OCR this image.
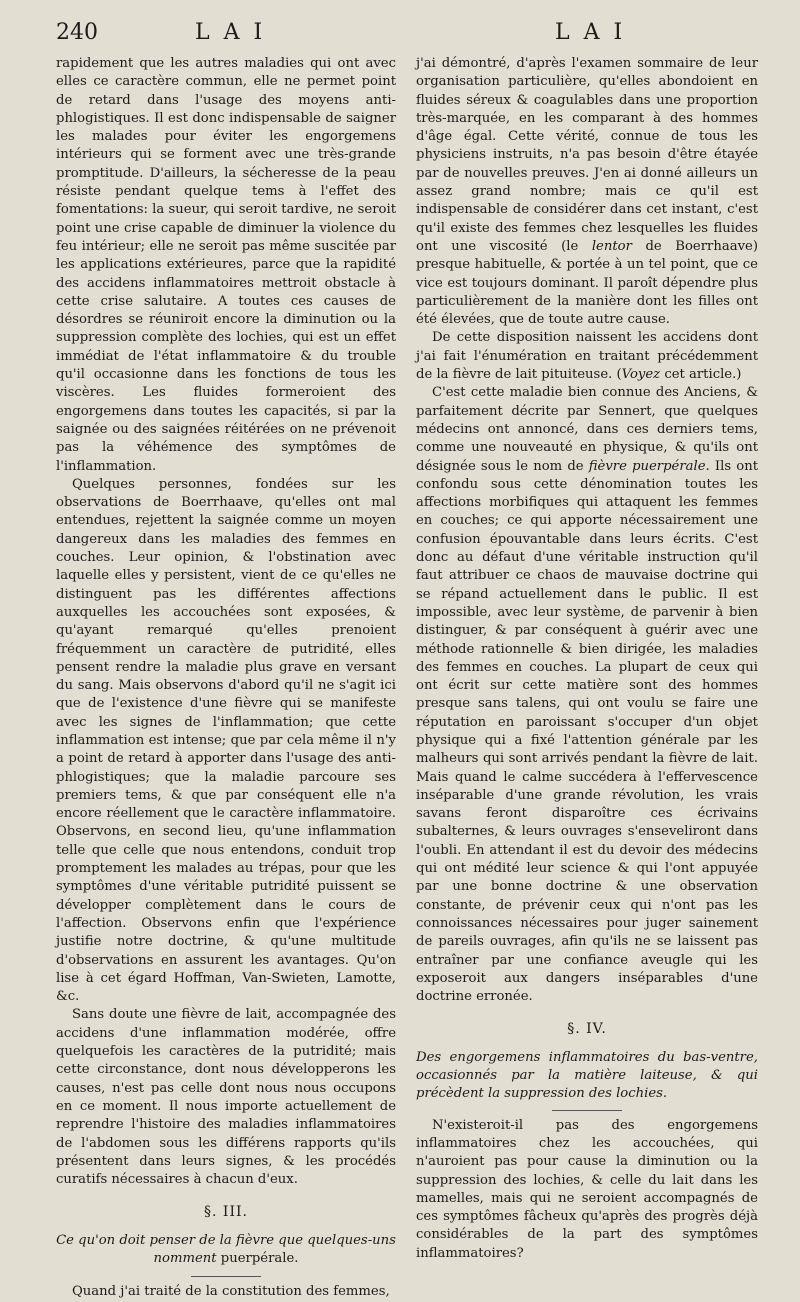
240	LAI	LAI

rapidement que les autres maladies qui ont avec elles ce caractère commun, elle ne permet point de retard dans l'usage des moyens anti-phlogistiques. Il est donc indispensable de saigner les malades pour éviter les engorgemens intérieurs qui se forment avec une très-grande promptitude. D'ailleurs, la sécheresse de la peau résiste pendant quelque tems à l'effet des fomentations: la sueur, qui seroit tardive, ne seroit point une crise capable de diminuer la violence du feu intérieur; elle ne seroit pas même suscitée par les applications extérieures, parce que la rapidité des accidens inflammatoires mettroit obstacle à cette crise salutaire. A toutes ces causes de désordres se réuniroit encore la diminution ou la suppression complète des lochies, qui est un effet immédiat de l'état inflammatoire & du trouble qu'il occasionne dans les fonctions de tous les viscères. Les fluides formeroient des engorgemens dans toutes les capacités, si par la saignée ou des saignées réitérées on ne prévenoit pas la véhémence des symptômes de l'inflammation.

Quelques personnes, fondées sur les observations de Boerrhaave, qu'elles ont mal entendues, rejettent la saignée comme un moyen dangereux dans les maladies des femmes en couches. Leur opinion, & l'obstination avec laquelle elles y persistent, vient de ce qu'elles ne distinguent pas les différentes affections auxquelles les accouchées sont exposées, & qu'ayant remarqué qu'elles prenoient fréquemment un caractère de putridité, elles pensent rendre la maladie plus grave en versant du sang. Mais observons d'abord qu'il ne s'agit ici que de l'existence d'une fièvre qui se manifeste avec les signes de l'inflammation; que cette inflammation est intense; que par cela même il n'y a point de retard à apporter dans l'usage des anti-phlogistiques; que la maladie parcoure ses premiers tems, & que par conséquent elle n'a encore réellement que le caractère inflammatoire. Observons, en second lieu, qu'une inflammation telle que celle que nous entendons, conduit trop promptement les malades au trépas, pour que les symptômes d'une véritable putridité puissent se développer complètement dans le cours de l'affection. Observons enfin que l'expérience justifie notre doctrine, & qu'une multitude d'observations en assurent les avantages. Qu'on lise à cet égard Hoffman, Van-Swieten, Lamotte, &c.

Sans doute une fièvre de lait, accompagnée des accidens d'une inflammation modérée, offre quelquefois les caractères de la putridité; mais cette circonstance, dont nous développerons les causes, n'est pas celle dont nous nous occupons en ce moment. Il nous importe actuellement de reprendre l'histoire des maladies inflammatoires de l'abdomen sous les différens rapports qu'ils présentent dans leurs signes, & les procédés curatifs nécessaires à chacun d'eux.

§. III.

Ce qu'on doit penser de la fièvre que quelques-uns nomment puerpérale.

Quand j'ai traité de la constitution des femmes,

j'ai démontré, d'après l'examen sommaire de leur organisation particulière, qu'elles abondoient en fluides séreux & coagulables dans une proportion très-marquée, en les comparant à des hommes d'âge égal. Cette vérité, connue de tous les physiciens instruits, n'a pas besoin d'être étayée par de nouvelles preuves. J'en ai donné ailleurs un assez grand nombre; mais ce qu'il est indispensable de considérer dans cet instant, c'est qu'il existe des femmes chez lesquelles les fluides ont une viscosité (le lentor de Boerrhaave) presque habituelle, & portée à un tel point, que ce vice est toujours dominant. Il paroît dépendre plus particulièrement de la manière dont les filles ont été élevées, que de toute autre cause.

De cette disposition naissent les accidens dont j'ai fait l'énumération en traitant précédemment de la fièvre de lait pituiteuse. (Voyez cet article.)

C'est cette maladie bien connue des Anciens, & parfaitement décrite par Sennert, que quelques médecins ont annoncé, dans ces derniers tems, comme une nouveauté en physique, & qu'ils ont désignée sous le nom de fièvre puerpérale. Ils ont confondu sous cette dénomination toutes les affections morbifiques qui attaquent les femmes en couches; ce qui apporte nécessairement une confusion épouvantable dans leurs écrits. C'est donc au défaut d'une véritable instruction qu'il faut attribuer ce chaos de mauvaise doctrine qui se répand actuellement dans le public. Il est impossible, avec leur système, de parvenir à bien distinguer, & par conséquent à guérir avec une méthode rationnelle & bien dirigée, les maladies des femmes en couches. La plupart de ceux qui ont écrit sur cette matière sont des hommes presque sans talens, qui ont voulu se faire une réputation en paroissant s'occuper d'un objet physique qui a fixé l'attention générale par les malheurs qui sont arrivés pendant la fièvre de lait. Mais quand le calme succédera à l'effervescence inséparable d'une grande révolution, les vrais savans feront disparoître ces écrivains subalternes, & leurs ouvrages s'enseveliront dans l'oubli. En attendant il est du devoir des médecins qui ont médité leur science & qui l'ont appuyée par une bonne doctrine & une observation constante, de prévenir ceux qui n'ont pas les connoissances nécessaires pour juger sainement de pareils ouvrages, afin qu'ils ne se laissent pas entraîner par une confiance aveugle qui les exposeroit aux dangers inséparables d'une doctrine erronée.

§. IV.

Des engorgemens inflammatoires du bas-ventre, occasionnés par la matière laiteuse, & qui précèdent la suppression des lochies.

N'existeroit-il pas des engorgemens inflammatoires chez les accouchées, qui n'auroient pas pour cause la diminution ou la suppression des lochies, & celle du lait dans les mamelles, mais qui ne seroient accompagnés de ces symptômes fâcheux qu'après des progrès déjà considérables de la part des symptômes inflammatoires?
